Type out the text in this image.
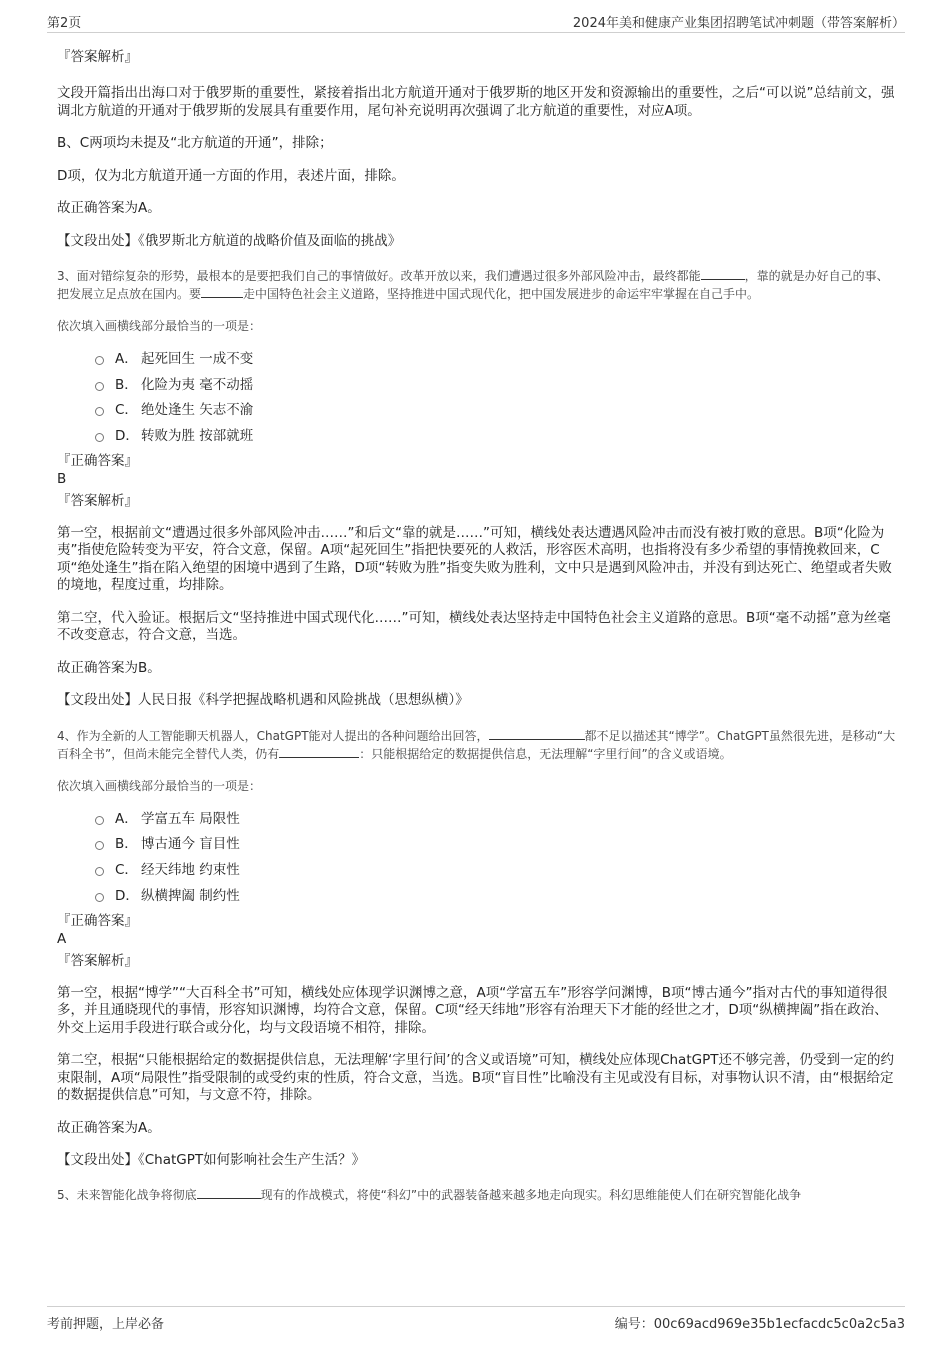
第2页	2024年美和健康产业集团招聘笔试冲刺题（带答案解析）

『答案解析』

文段开篇指出出海口对于俄罗斯的重要性，紧接着指出北方航道开通对于俄罗斯的地区开发和资源输出的重要性，之后“可以说”总结前文，强调北方航道的开通对于俄罗斯的发展具有重要作用，尾句补充说明再次强调了北方航道的重要性，对应A项。

B、C两项均未提及“北方航道的开通”，排除；

D项，仅为北方航道开通一方面的作用，表述片面，排除。

故正确答案为A。

【文段出处】《俄罗斯北方航道的战略价值及面临的挑战》

3、面对错综复杂的形势，最根本的是要把我们自己的事情做好。改革开放以来，我们遭遇过很多外部风险冲击，最终都能	，靠的就是办好自己的事、把发展立足点放在国内。要	走中国特色社会主义道路，坚持推进中国式现代化，把中国发展进步的命运牢牢掌握在自己手中。

依次填入画横线部分最恰当的一项是：

A． 起死回生 一成不变
B． 化险为夷 毫不动摇
C． 绝处逢生 矢志不渝
D． 转败为胜 按部就班

『正确答案』

B

『答案解析』

第一空，根据前文“遭遇过很多外部风险冲击……”和后文“靠的就是……”可知，横线处表达遭遇风险冲击而没有被打败的意思。B项“化险为夷”指使危险转变为平安，符合文意，保留。A项“起死回生”指把快要死的人救活，形容医术高明，也指将没有多少希望的事情挽救回来，C项“绝处逢生”指在陷入绝望的困境中遇到了生路，D项“转败为胜”指变失败为胜利，文中只是遇到风险冲击，并没有到达死亡、绝望或者失败的境地，程度过重，均排除。

第二空，代入验证。根据后文“坚持推进中国式现代化……”可知，横线处表达坚持走中国特色社会主义道路的意思。B项“毫不动摇”意为丝毫不改变意志，符合文意，当选。

故正确答案为B。

【文段出处】人民日报《科学把握战略机遇和风险挑战（思想纵横）》

4、作为全新的人工智能聊天机器人，ChatGPT能对人提出的各种问题给出回答，	都不足以描述其“博学”。ChatGPT虽然很先进，是移动“大百科全书”，但尚未能完全替代人类，仍有	：只能根据给定的数据提供信息，无法理解“字里行间”的含义或语境。

依次填入画横线部分最恰当的一项是：

A． 学富五车 局限性
B． 博古通今 盲目性
C． 经天纬地 约束性
D． 纵横捭阖 制约性

『正确答案』

A

『答案解析』

第一空，根据“博学”“大百科全书”可知，横线处应体现学识渊博之意，A项“学富五车”形容学问渊博，B项“博古通今”指对古代的事知道得很多，并且通晓现代的事情，形容知识渊博，均符合文意，保留。C项“经天纬地”形容有治理天下才能的经世之才，D项“纵横捭阖”指在政治、外交上运用手段进行联合或分化，均与文段语境不相符，排除。

第二空，根据“只能根据给定的数据提供信息，无法理解‘字里行间’的含义或语境”可知，横线处应体现ChatGPT还不够完善，仍受到一定的约束限制，A项“局限性”指受限制的或受约束的性质，符合文意，当选。B项“盲目性”比喻没有主见或没有目标，对事物认识不清，由“根据给定的数据提供信息”可知，与文意不符，排除。

故正确答案为A。

【文段出处】《ChatGPT如何影响社会生产生活？》

5、未来智能化战争将彻底	现有的作战模式，将使“科幻”中的武器装备越来越多地走向现实。科幻思维能使人们在研究智能化战争

考前押题，上岸必备	编号：00c69acd969e35b1ecfacdc5c0a2c5a3
